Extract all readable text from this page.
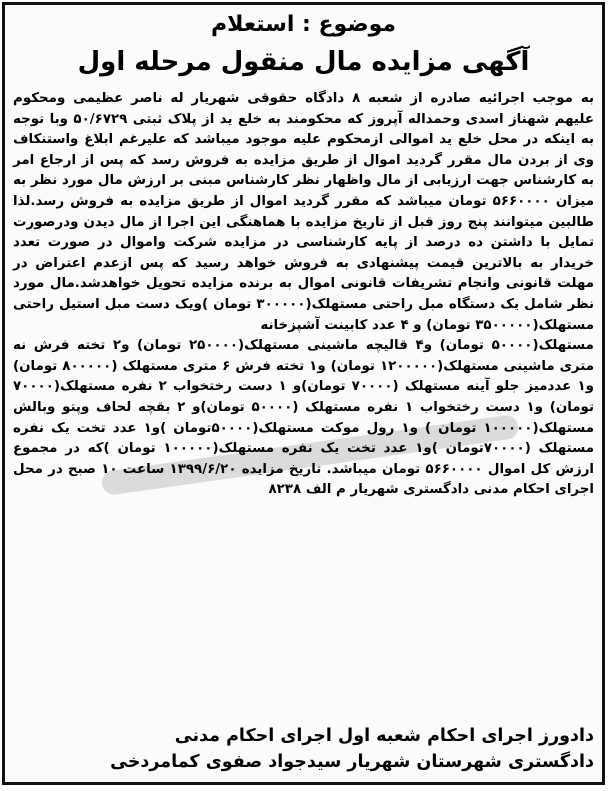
موضوع : استعلام
آگهی مزایده مال منقول مرحله اول

به موجب اجرائیه صادره از شعبه ۸ دادگاه حقوقی شهریار له ناصر عظیمی ومحکوم علیهم شهناز اسدی وحمداله آپروز که محکومند به خلع ید از پلاک ثبتی ۵۰/۶۷۲۹ وبا توجه به اینکه در محل خلع ید اموالی ازمحکوم علیه موجود میباشد که علیرغم ابلاغ واستنکاف وی از بردن مال مقرر گردید اموال از طریق مزایده به فروش رسد که پس از ارجاع امر به کارشناس جهت ارزیابی از مال واظهار نظر کارشناس مبنی بر ارزش مال مورد نظر به میزان ۵۶۶۰۰۰۰ تومان میباشد که مقرر گردید اموال از طریق مزایده به فروش رسد.لذا طالبین میتوانند پنج روز قبل از تاریخ مزایده با هماهنگی این اجرا از مال دیدن ودرصورت تمایل با داشتن ده درصد از پایه کارشناسی در مزایده شرکت واموال در صورت تعدد خریدار به بالاترین قیمت پیشنهادی به فروش خواهد رسید که پس ازعدم اعتراض در مهلت قانونی وانجام تشریفات قانونی اموال به برنده مزایده تحویل خواهدشد.مال مورد نظر شامل یک دستگاه مبل راحتی مستهلک(۳۰۰۰۰۰ تومان )ویک دست مبل استیل راحتی مستهلک(۳۵۰۰۰۰۰ تومان) و ۴ عدد کابینت آشپزخانه

مستهلک(۵۰۰۰۰ تومان) و۴ قالیچه ماشینی مستهلک(۲۵۰۰۰۰ تومان) و۲ تخته فرش نه متری ماشینی مستهلک(۱۲۰۰۰۰۰ تومان) و۱ تخته فرش ۶ متری مستهلک (۸۰۰۰۰۰ تومان) و۱ عددمیز جلو آینه مستهلک (۷۰۰۰۰ تومان)و ۱ دست رختخواب ۲ نفره مستهلک(۷۰۰۰۰ تومان) و۱ دست رختخواب ۱ نفره مستهلک (۵۰۰۰۰ تومان)و ۲ بقچه لحاف وپتو وبالش مستهلک(۱۰۰۰۰۰ تومان ) و۱ رول موکت مستهلک(۵۰۰۰۰تومان )و۱ عدد تخت یک نفره مستهلک (۷۰۰۰۰تومان )و۱ عدد تخت یک نفره مستهلک(۱۰۰۰۰۰ تومان )که در مجموع ارزش کل اموال ۵۶۶۰۰۰۰ تومان میباشد. تاریخ مزایده ۱۳۹۹/۶/۲۰ ساعت ۱۰ صبح در محل اجرای احکام مدنی دادگستری شهریار م الف ۸۲۳۸

دادورز اجرای احکام شعبه اول اجرای احکام مدنی
دادگستری شهرستان شهریار سیدجواد صفوی کمامردخی
